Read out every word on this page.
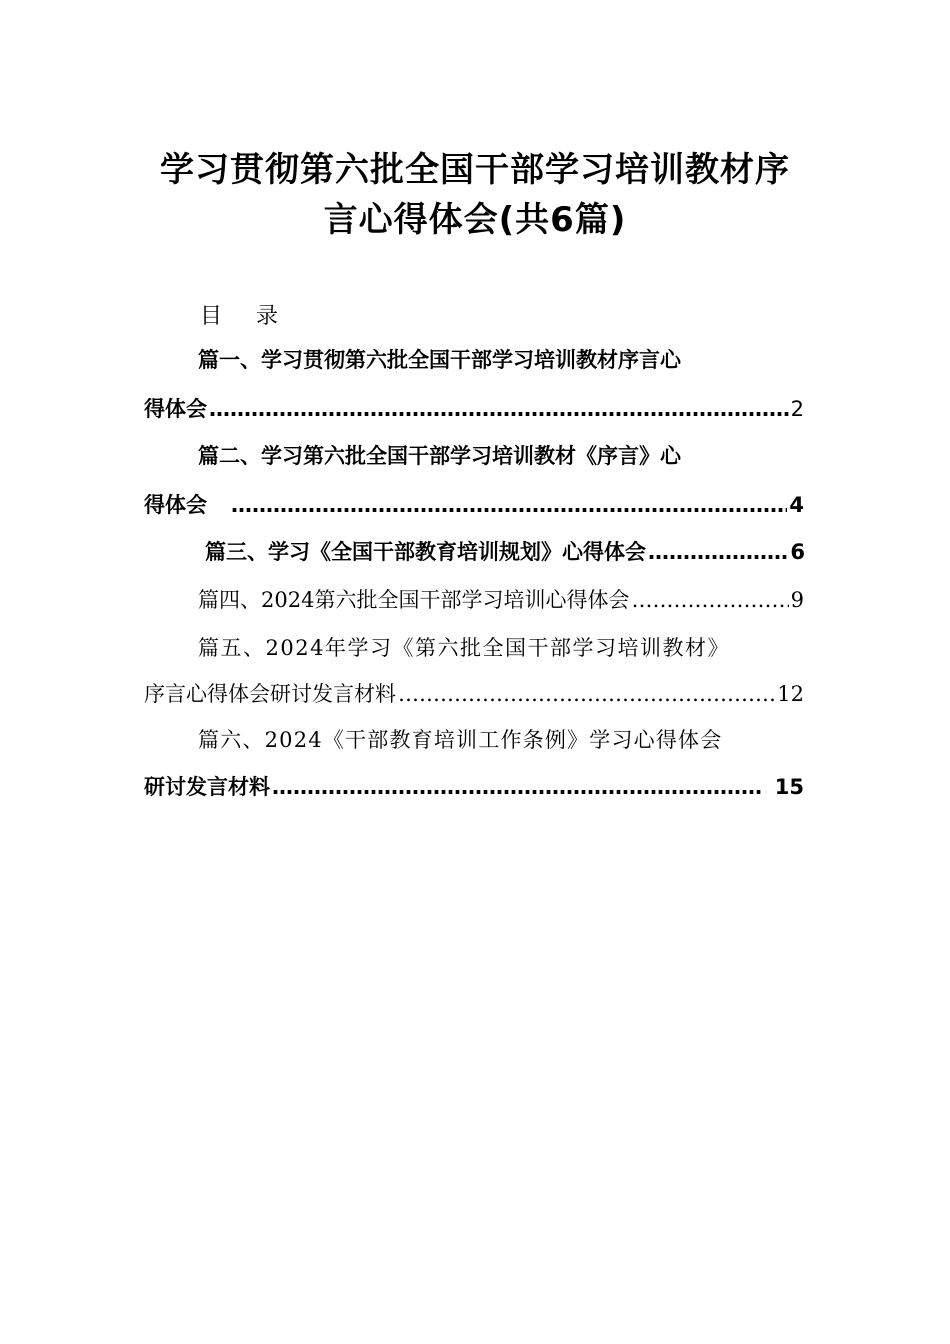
学习贯彻第六批全国干部学习培训教材序
言心得体会(共6篇)
目 录
篇一、学习贯彻第六批全国干部学习培训教材序言心
得体会 ………………………………………………………………………………………………………………………………………………………………………………	2
篇二、学习第六批全国干部学习培训教材《序言》心
得体会 ………………………………………………………………………………………………………………………………………………………………………………	4
篇三、学习《全国干部教育培训规划》心得体会 ………………………………………………………………………………………………………………………………………………………………………………	6
篇四、2024第六批全国干部学习培训心得体会 ………………………………………………………………………………………………………………………………………………………………………………	9
篇五、2024年学习《第六批全国干部学习培训教材》
序言心得体会研讨发言材料 ………………………………………………………………………………………………………………………………………………………………………………	12
篇六、2024《干部教育培训工作条例》学习心得体会
研讨发言材料 ………………………………………………………………………………………………………………………………………………………………………………	15
